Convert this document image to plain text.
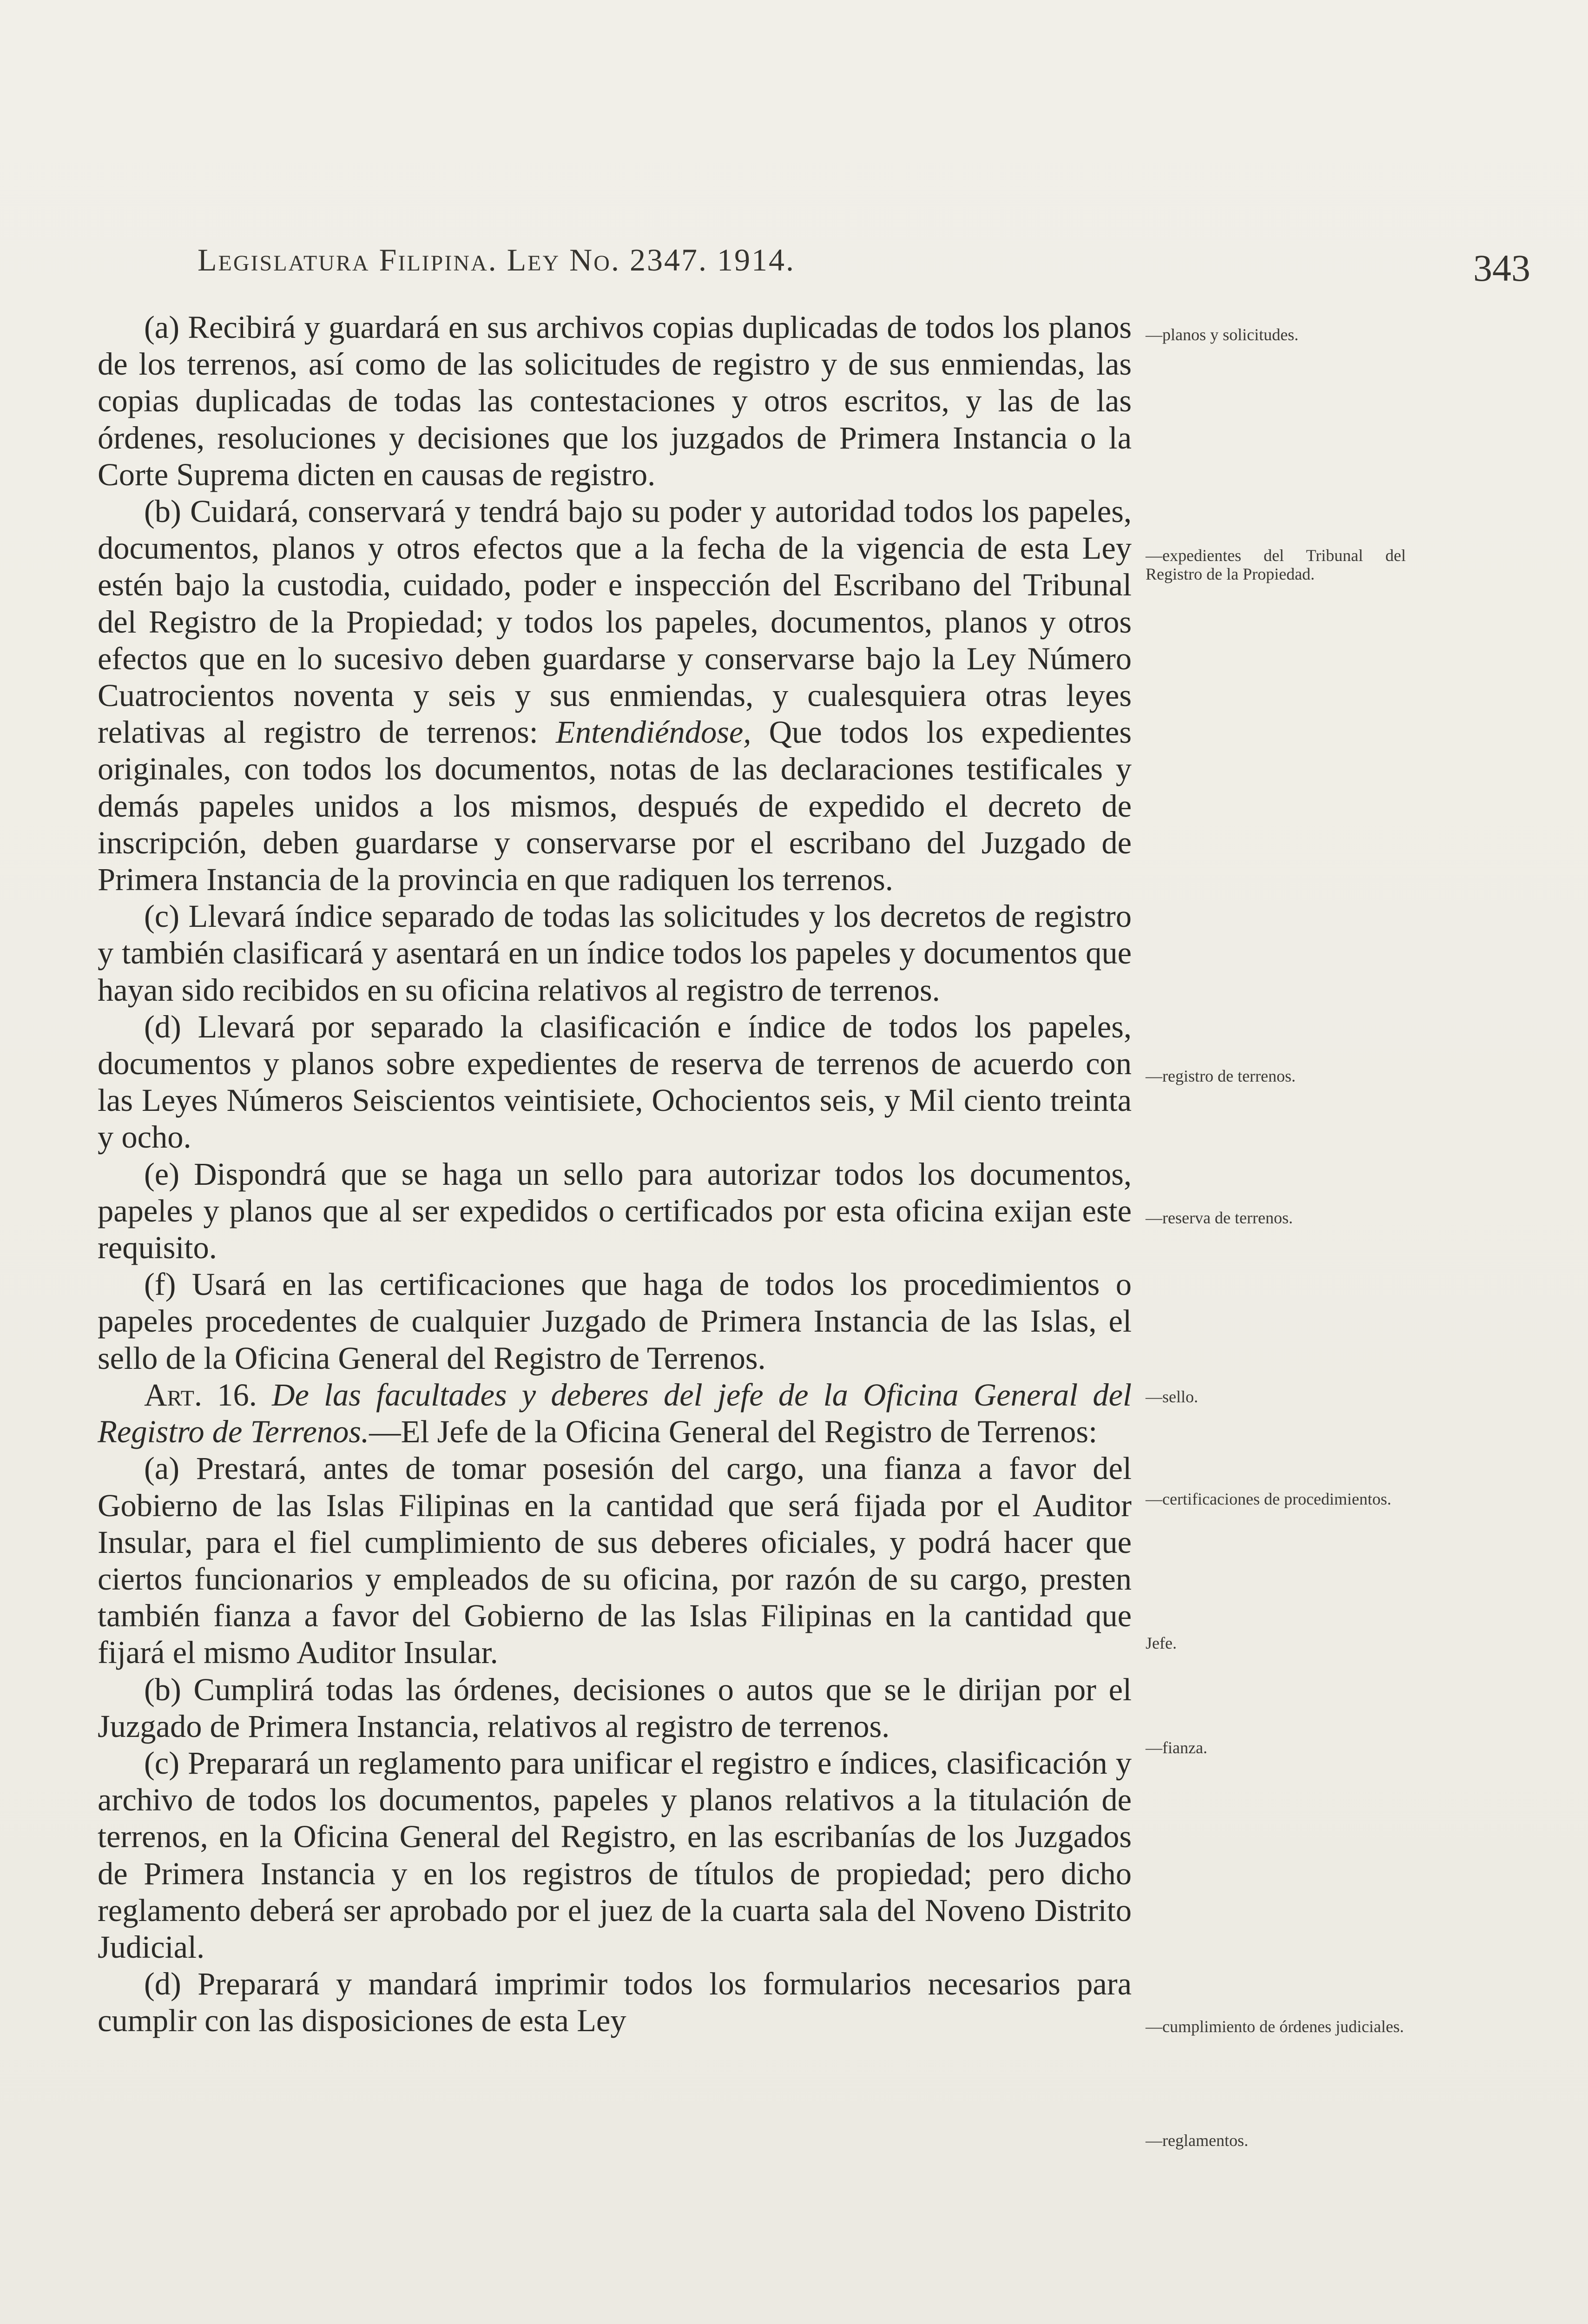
Legislatura Filipina. Ley No. 2347. 1914.	343

(a) Recibirá y guardará en sus archivos copias duplicadas de todos los planos de los terrenos, así como de las solicitudes de registro y de sus enmiendas, las copias duplicadas de todas las contestaciones y otros escritos, y las de las órdenes, resoluciones y decisiones que los juzgados de Primera Instancia o la Corte Suprema dicten en causas de registro.

(b) Cuidará, conservará y tendrá bajo su poder y autoridad todos los papeles, documentos, planos y otros efectos que a la fecha de la vigencia de esta Ley estén bajo la custodia, cuidado, poder e inspección del Escribano del Tribunal del Registro de la Propiedad; y todos los papeles, documentos, planos y otros efectos que en lo sucesivo deben guardarse y conservarse bajo la Ley Número Cuatrocientos noventa y seis y sus enmiendas, y cualesquiera otras leyes relativas al registro de terrenos: Entendiéndose, Que todos los expedientes originales, con todos los documentos, notas de las declaraciones testificales y demás papeles unidos a los mismos, después de expedido el decreto de inscripción, deben guardarse y conservarse por el escribano del Juzgado de Primera Instancia de la provincia en que radiquen los terrenos.

(c) Llevará índice separado de todas las solicitudes y los decretos de registro y también clasificará y asentará en un índice todos los papeles y documentos que hayan sido recibidos en su oficina relativos al registro de terrenos.

(d) Llevará por separado la clasificación e índice de todos los papeles, documentos y planos sobre expedientes de reserva de terrenos de acuerdo con las Leyes Números Seiscientos veintisiete, Ochocientos seis, y Mil ciento treinta y ocho.

(e) Dispondrá que se haga un sello para autorizar todos los documentos, papeles y planos que al ser expedidos o certificados por esta oficina exijan este requisito.

(f) Usará en las certificaciones que haga de todos los procedimientos o papeles procedentes de cualquier Juzgado de Primera Instancia de las Islas, el sello de la Oficina General del Registro de Terrenos.

Art. 16. De las facultades y deberes del jefe de la Oficina General del Registro de Terrenos.—El Jefe de la Oficina General del Registro de Terrenos:

(a) Prestará, antes de tomar posesión del cargo, una fianza a favor del Gobierno de las Islas Filipinas en la cantidad que será fijada por el Auditor Insular, para el fiel cumplimiento de sus deberes oficiales, y podrá hacer que ciertos funcionarios y empleados de su oficina, por razón de su cargo, presten también fianza a favor del Gobierno de las Islas Filipinas en la cantidad que fijará el mismo Auditor Insular.

(b) Cumplirá todas las órdenes, decisiones o autos que se le dirijan por el Juzgado de Primera Instancia, relativos al registro de terrenos.

(c) Preparará un reglamento para unificar el registro e índices, clasificación y archivo de todos los documentos, papeles y planos relativos a la titulación de terrenos, en la Oficina General del Registro, en las escribanías de los Juzgados de Primera Instancia y en los registros de títulos de propiedad; pero dicho reglamento deberá ser aprobado por el juez de la cuarta sala del Noveno Distrito Judicial.

(d) Preparará y mandará imprimir todos los formularios necesarios para cumplir con las disposiciones de esta Ley

—planos y solicitudes.
—expedientes del Tribunal del Registro de la Propiedad.
—registro de terrenos.
—reserva de terrenos.
—sello.
—certificaciones de procedimientos.
Jefe.
—fianza.
—cumplimiento de órdenes judiciales.
—reglamentos.
